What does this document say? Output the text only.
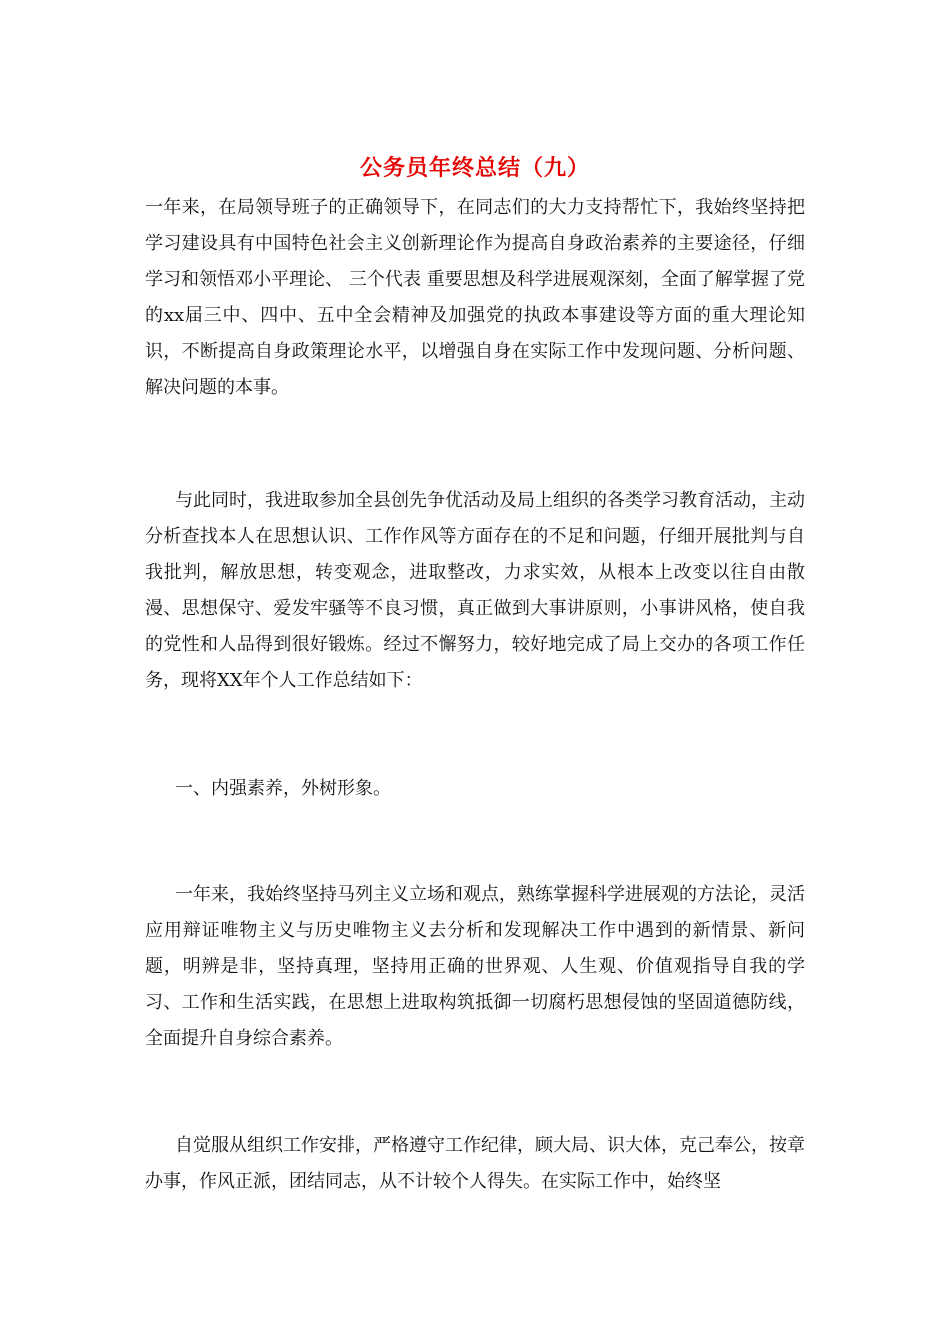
公务员年终总结（九）

一年来，在局领导班子的正确领导下，在同志们的大力支持帮忙下，我始终坚持把学习建设具有中国特色社会主义创新理论作为提高自身政治素养的主要途径，仔细学习和领悟邓小平理论、 三个代表 重要思想及科学进展观深刻，全面了解掌握了党的xx届三中、四中、五中全会精神及加强党的执政本事建设等方面的重大理论知识，不断提高自身政策理论水平，以增强自身在实际工作中发现问题、分析问题、解决问题的本事。

与此同时，我进取参加全县创先争优活动及局上组织的各类学习教育活动，主动分析查找本人在思想认识、工作作风等方面存在的不足和问题，仔细开展批判与自我批判，解放思想，转变观念，进取整改，力求实效，从根本上改变以往自由散漫、思想保守、爱发牢骚等不良习惯，真正做到大事讲原则，小事讲风格，使自我的党性和人品得到很好锻炼。经过不懈努力，较好地完成了局上交办的各项工作任务，现将XX年个人工作总结如下：

一、内强素养，外树形象。

一年来，我始终坚持马列主义立场和观点，熟练掌握科学进展观的方法论，灵活应用辩证唯物主义与历史唯物主义去分析和发现解决工作中遇到的新情景、新问题，明辨是非，坚持真理，坚持用正确的世界观、人生观、价值观指导自我的学习、工作和生活实践，在思想上进取构筑抵御一切腐朽思想侵蚀的坚固道德防线，全面提升自身综合素养。

自觉服从组织工作安排，严格遵守工作纪律，顾大局、识大体，克己奉公，按章办事，作风正派，团结同志，从不计较个人得失。在实际工作中，始终坚
